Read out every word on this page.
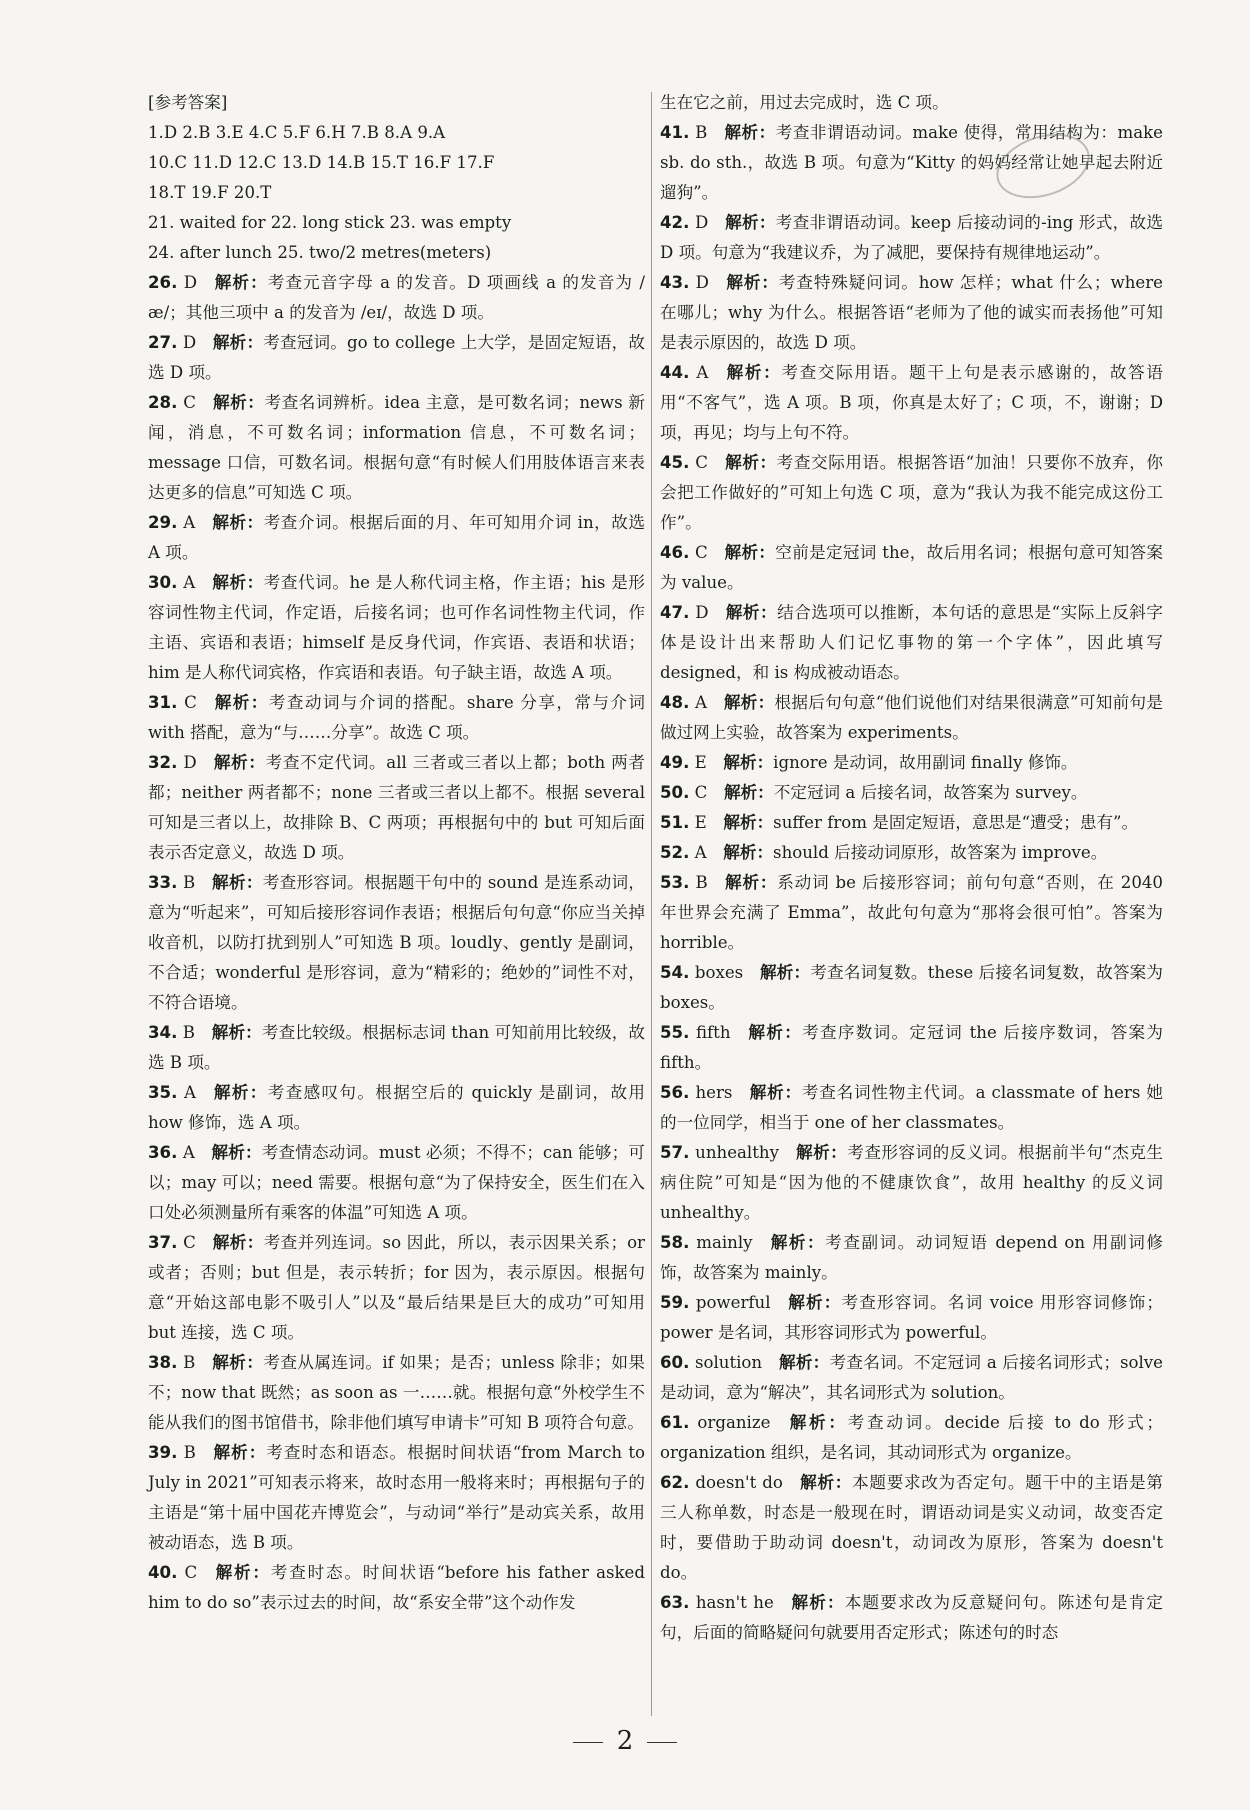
[参考答案]

1.D 2.B 3.E 4.C 5.F 6.H 7.B 8.A 9.A

10.C 11.D 12.C 13.D 14.B 15.T 16.F 17.F

18.T 19.F 20.T

21. waited for 22. long stick 23. was empty

24. after lunch 25. two/2 metres(meters)

26. D 解析：考查元音字母 a 的发音。D 项画线 a 的发音为 /æ/；其他三项中 a 的发音为 /eɪ/，故选 D 项。

27. D 解析：考查冠词。go to college 上大学，是固定短语，故选 D 项。

28. C 解析：考查名词辨析。idea 主意，是可数名词；news 新闻，消息，不可数名词；information 信息，不可数名词；message 口信，可数名词。根据句意“有时候人们用肢体语言来表达更多的信息”可知选 C 项。

29. A 解析：考查介词。根据后面的月、年可知用介词 in，故选 A 项。

30. A 解析：考查代词。he 是人称代词主格，作主语；his 是形容词性物主代词，作定语，后接名词；也可作名词性物主代词，作主语、宾语和表语；himself 是反身代词，作宾语、表语和状语；him 是人称代词宾格，作宾语和表语。句子缺主语，故选 A 项。

31. C 解析：考查动词与介词的搭配。share 分享，常与介词 with 搭配，意为“与……分享”。故选 C 项。

32. D 解析：考查不定代词。all 三者或三者以上都；both 两者都；neither 两者都不；none 三者或三者以上都不。根据 several 可知是三者以上，故排除 B、C 两项；再根据句中的 but 可知后面表示否定意义，故选 D 项。

33. B 解析：考查形容词。根据题干句中的 sound 是连系动词，意为“听起来”，可知后接形容词作表语；根据后句句意“你应当关掉收音机，以防打扰到别人”可知选 B 项。loudly、gently 是副词，不合适；wonderful 是形容词，意为“精彩的；绝妙的”词性不对，不符合语境。

34. B 解析：考查比较级。根据标志词 than 可知前用比较级，故选 B 项。

35. A 解析：考查感叹句。根据空后的 quickly 是副词，故用 how 修饰，选 A 项。

36. A 解析：考查情态动词。must 必须；不得不；can 能够；可以；may 可以；need 需要。根据句意“为了保持安全，医生们在入口处必须测量所有乘客的体温”可知选 A 项。

37. C 解析：考查并列连词。so 因此，所以，表示因果关系；or 或者；否则；but 但是，表示转折；for 因为，表示原因。根据句意“开始这部电影不吸引人”以及“最后结果是巨大的成功”可知用 but 连接，选 C 项。

38. B 解析：考查从属连词。if 如果；是否；unless 除非；如果不；now that 既然；as soon as 一……就。根据句意“外校学生不能从我们的图书馆借书，除非他们填写申请卡”可知 B 项符合句意。

39. B 解析：考查时态和语态。根据时间状语“from March to July in 2021”可知表示将来，故时态用一般将来时；再根据句子的主语是“第十届中国花卉博览会”，与动词“举行”是动宾关系，故用被动语态，选 B 项。

40. C 解析：考查时态。时间状语“before his father asked him to do so”表示过去的时间，故“系安全带”这个动作发

生在它之前，用过去完成时，选 C 项。

41. B 解析：考查非谓语动词。make 使得，常用结构为：make sb. do sth.，故选 B 项。句意为“Kitty 的妈妈经常让她早起去附近遛狗”。

42. D 解析：考查非谓语动词。keep 后接动词的-ing 形式，故选 D 项。句意为“我建议乔，为了减肥，要保持有规律地运动”。

43. D 解析：考查特殊疑问词。how 怎样；what 什么；where 在哪儿；why 为什么。根据答语“老师为了他的诚实而表扬他”可知是表示原因的，故选 D 项。

44. A 解析：考查交际用语。题干上句是表示感谢的，故答语用“不客气”，选 A 项。B 项，你真是太好了；C 项，不，谢谢；D 项，再见；均与上句不符。

45. C 解析：考查交际用语。根据答语“加油！只要你不放弃，你会把工作做好的”可知上句选 C 项，意为“我认为我不能完成这份工作”。

46. C 解析：空前是定冠词 the，故后用名词；根据句意可知答案为 value。

47. D 解析：结合选项可以推断，本句话的意思是“实际上反斜字体是设计出来帮助人们记忆事物的第一个字体”，因此填写 designed，和 is 构成被动语态。

48. A 解析：根据后句句意“他们说他们对结果很满意”可知前句是做过网上实验，故答案为 experiments。

49. E 解析：ignore 是动词，故用副词 finally 修饰。

50. C 解析：不定冠词 a 后接名词，故答案为 survey。

51. E 解析：suffer from 是固定短语，意思是“遭受；患有”。

52. A 解析：should 后接动词原形，故答案为 improve。

53. B 解析：系动词 be 后接形容词；前句句意“否则，在 2040 年世界会充满了 Emma”，故此句句意为“那将会很可怕”。答案为 horrible。

54. boxes 解析：考查名词复数。these 后接名词复数，故答案为 boxes。

55. fifth 解析：考查序数词。定冠词 the 后接序数词，答案为 fifth。

56. hers 解析：考查名词性物主代词。a classmate of hers 她的一位同学，相当于 one of her classmates。

57. unhealthy 解析：考查形容词的反义词。根据前半句“杰克生病住院”可知是“因为他的不健康饮食”，故用 healthy 的反义词 unhealthy。

58. mainly 解析：考查副词。动词短语 depend on 用副词修饰，故答案为 mainly。

59. powerful 解析：考查形容词。名词 voice 用形容词修饰；power 是名词，其形容词形式为 powerful。

60. solution 解析：考查名词。不定冠词 a 后接名词形式；solve 是动词，意为“解决”，其名词形式为 solution。

61. organize 解析：考查动词。decide 后接 to do 形式；organization 组织，是名词，其动词形式为 organize。

62. doesn't do 解析：本题要求改为否定句。题干中的主语是第三人称单数，时态是一般现在时，谓语动词是实义动词，故变否定时，要借助于助动词 doesn't，动词改为原形，答案为 doesn't do。

63. hasn't he 解析：本题要求改为反意疑问句。陈述句是肯定句，后面的简略疑问句就要用否定形式；陈述句的时态

2
